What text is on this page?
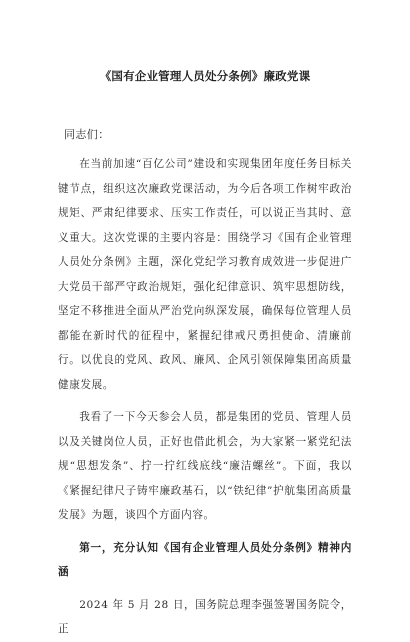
《国有企业管理人员处分条例》廉政党课
同志们：

在当前加速“百亿公司”建设和实现集团年度任务目标关键节点，组织这次廉政党课活动，为今后各项工作树牢政治规矩、严肃纪律要求、压实工作责任，可以说正当其时、意义重大。这次党课的主要内容是：围绕学习《国有企业管理人员处分条例》主题，深化党纪学习教育成效进一步促进广大党员干部严守政治规矩，强化纪律意识、筑牢思想防线，坚定不移推进全面从严治党向纵深发展，确保每位管理人员都能在新时代的征程中，紧握纪律戒尺勇担使命、清廉前行。以优良的党风、政风、廉风、企风引领保障集团高质量健康发展。

我看了一下今天参会人员，都是集团的党员、管理人员以及关键岗位人员，正好也借此机会，为大家紧一紧党纪法规“思想发条”、拧一拧红线底线“廉洁螺丝”。下面，我以《紧握纪律尺子铸牢廉政基石，以“铁纪律”护航集团高质量发展》为题，谈四个方面内容。

第一，充分认知《国有企业管理人员处分条例》精神内涵

2024 年 5 月 28 日，国务院总理李强签署国务院令，正
